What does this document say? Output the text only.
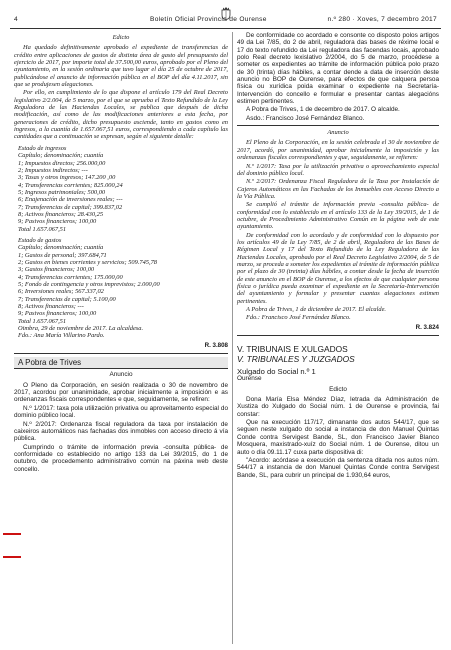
4	Boletín Oficial Provincia de Ourense	n.º 280 · Xoves, 7 decembro 2017
Edicto

Ha quedado definitivamente aprobado el expediente de transferencias de crédito entre aplicaciones de gastos de distinta área de gasto del presupuesto del ejercicio de 2017, por importe total de 37.500,00 euros, aprobado por el Pleno del ayuntamiento, en la sesión ordinaria que tuvo lugar el día 25 de octubre de 2017, publicándose el anuncio de información pública en el BOP del día 4.11.2017, sin que se produjesen alegaciones.

Por ello, en cumplimiento de lo que dispone el artículo 179 del Real Decreto legislativo 2/2.004, de 5 marzo, por el que se aprueba el Texto Refundido de la Ley Reguladora de las Haciendas Locales, se publica que después de dicha modificación, así como de las modificaciones anteriores a esta fecha, por generaciones de crédito, dicho presupuesto asciende, tanto en gastos como en ingresos, a la cuantía de 1.657.067,51 euros, correspondiendo a cada capítulo las cantidades que a continuación se expresan, según el siguiente detalle:

Estado de ingresos

Capítulo; denominación; cuantía

1; Impuestos directos; 256.000,00

2; Impuestos indirectos; ---

3; Tasas y otros ingresos; 147.200 ,00

4; Transferencias corrientes; 825.000,24

5; Ingresos patrimoniales; 500,00

6; Enajenación de inversiones reales; ---

7; Transferencias de capital; 399.837,02

8; Activos financieros; 28.430,25

9; Pasivos financieros; 100,00

Total 1.657.067,51

Estado de gastos

Capítulo; denominación; cuantía

1; Gastos de personal; 397.684,71

2; Gastos en bienes corrientes y servicios; 509.745,78

3; Gastos financieros; 100,00

4; Transferencias corrientes; 175.000,00

5; Fondo de contingencia y otros imprevistos; 2.000,00

6; Inversiones reales; 567.337,02

7; Transferencias de capital; 5.100,00

8; Activos financieros; ---

9; Pasivos financieros; 100,00

Total 1.657.067,51

Oimbra, 29 de noviembre de 2017. La alcaldesa.

Fdo.: Ana María Villarino Pardo.

R. 3.808
A Pobra de Trives
Anuncio

O Pleno da Corporación, en sesión realizada o 30 de novembro de 2017, acordou por unanimidade, aprobar inicialmente a imposición e as ordenanzas fiscais correspondentes e que, seguidamente, se refiren:

N.º 1/2017: taxa pola utilización privativa ou aproveitamento especial do dominio público local.

N.º 2/2017: Ordenanza fiscal reguladora da taxa por instalación de caixeiros automáticos nas fachadas dos inmobles con acceso directo á vía pública.

Cumprindo o trámite de información previa -consulta pública- de conformidade co establecido no artigo 133 da Lei 39/2015, do 1 de outubro, de procedemento administrativo común na páxina web deste concello.

De conformidade co acordado e consonte co disposto polos artigos 49 da Lei 7/85, do 2 de abril, reguladora das bases de réxime local e 17 do texto refundido da Lei reguladora das facendas locais, aprobado polo Real decreto lexislativo 2/2004, do 5 de marzo, procédese a someter os expedientes ao trámite de información pública polo prazo de 30 (trinta) días hábiles, a contar dende a data de inserción deste anuncio no BOP de Ourense, para efectos de que calquera persoa física ou xurídica poida examinar o expediente na Secretaría-Intervención do concello e formular e presentar cantas alegacións estimen pertinentes.

A Pobra de Trives, 1 de decembro de 2017. O alcalde.

Asdo.: Francisco José Fernández Blanco.

Anuncio

El Pleno de la Corporación, en la sesión celebrada el 30 de noviembre de 2017, acordó, por unanimidad, aprobar inicialmente la imposición y las ordenanzas fiscales correspondientes y que, seguidamente, se refieren:

N.º 1/2017: Tasa por la utilización privativa o aprovechamiento especial del dominio público local.

N.º 2/2017: Ordenanza Fiscal Reguladora de la Tasa por Instalación de Cajeros Automáticos en las Fachadas de los Inmuebles con Acceso Directo a la Vía Pública.

Se cumplió el trámite de información previa -consulta pública- de conformidad con lo establecido en el artículo 133 de la Ley 39/2015, de 1 de octubre, de Procedimiento Administrativo Común en la página web de este ayuntamiento.

De conformidad con lo acordado y de conformidad con lo dispuesto por los artículos 49 de la Ley 7/85, de 2 de abril, Reguladora de las Bases de Régimen Local y 17 del Texto Refundido de la Ley Reguladora de las Haciendas Locales, aprobado por el Real Decreto Legislativo 2/2004, de 5 de marzo, se proceda a someter los expedientes al trámite de información pública por el plazo de 30 (treinta) días hábiles, a contar desde la fecha de inserción de este anuncio en el BOP de Ourense, a los efectos de que cualquier persona física o jurídica pueda examinar el expediente en la Secretaría-Intervención del ayuntamiento y formular y presentar cuantas alegaciones estimen pertinentes.

A Pobra de Trives, 1 de diciembre de 2017. El alcalde.

Fdo.: Francisco José Fernández Blanco.

R. 3.824
V. TRIBUNAIS E XULGADOS
V. TRIBUNALES Y JUZGADOS
Xulgado do Social n.º 1
Ourense
Edicto

Dona María Elsa Méndez Díaz, letrada da Administración de Xustiza do Xulgado do Social núm. 1 de Ourense e provincia, fai constar:

Que na execución 117/17, dimanante dos autos 544/17, que se seguen neste xulgado do social a instancia de don Manuel Quintas Conde contra Servigest Bande, SL, don Francisco Javier Blanco Mosquera, maxistrado-xuíz do Social núm. 1 de Ourense, ditou un auto o día 09.11.17 cuxa parte dispositiva di:

"Acordo: acórdase a execución da sentenza ditada nos autos núm. 544/17 a instancia de don Manuel Quintas Conde contra Servigest Bande, SL, para cubrir un principal de 1.930,64 euros,
